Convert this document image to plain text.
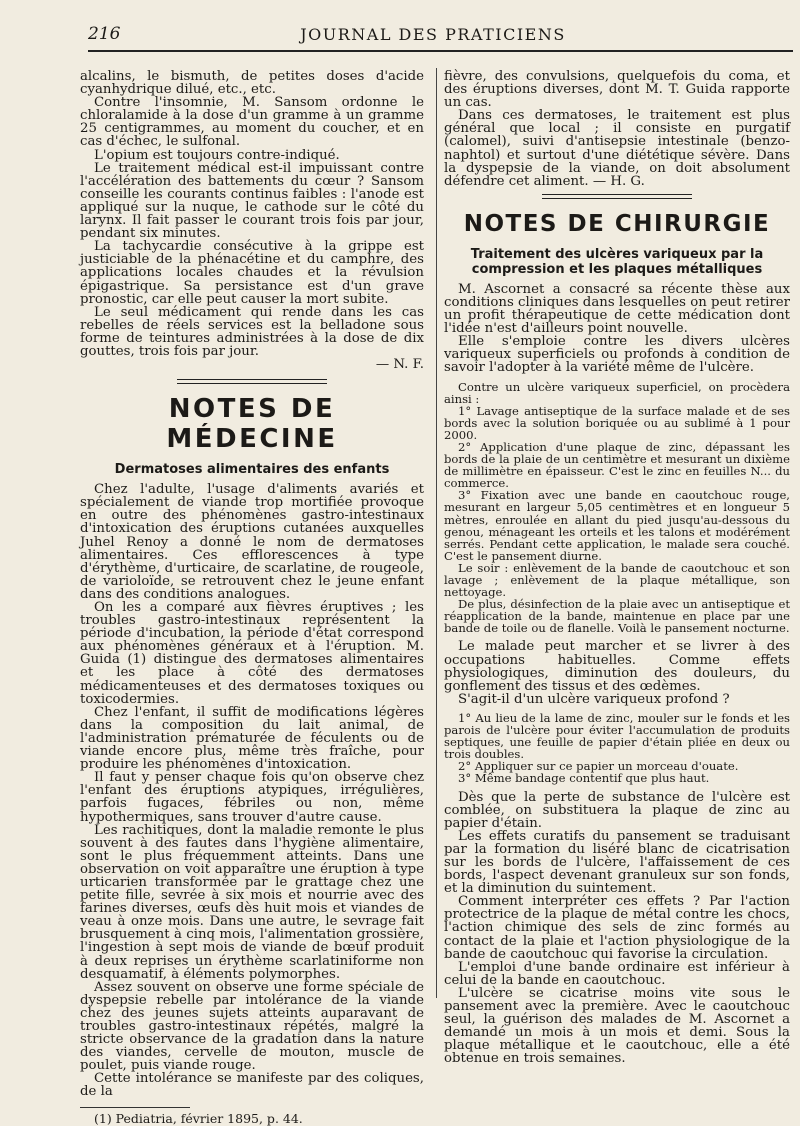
216	JOURNAL DES PRATICIENS

alcalins, le bismuth, de petites doses d'acide cyanhydrique dilué, etc., etc.

Contre l'insomnie, M. Sansom ordonne le chloralamide à la dose d'un gramme à un gramme 25 centigrammes, au moment du coucher, et en cas d'échec, le sulfonal.

L'opium est toujours contre-indiqué.

Le traitement médical est-il impuissant contre l'accélération des battements du cœur ? Sansom conseille les courants continus faibles : l'anode est appliqué sur la nuque, le cathode sur le côté du larynx. Il fait passer le courant trois fois par jour, pendant six minutes.

La tachycardie consécutive à la grippe est justiciable de la phénacétine et du camphre, des applications locales chaudes et la révulsion épigastrique. Sa persistance est d'un grave pronostic, car elle peut causer la mort subite.

Le seul médicament qui rende dans les cas rebelles de réels services est la belladone sous forme de teintures administrées à la dose de dix gouttes, trois fois par jour.

— N. F.

NOTES DE MÉDECINE
Dermatoses alimentaires des enfants

Chez l'adulte, l'usage d'aliments avariés et spécialement de viande trop mortifiée provoque en outre des phénomènes gastro-intestinaux d'intoxication des éruptions cutanées auxquelles Juhel Renoy a donné le nom de dermatoses alimentaires. Ces efflorescences à type d'érythème, d'urticaire, de scarlatine, de rougeole, de varioloïde, se retrouvent chez le jeune enfant dans des conditions analogues.

On les a comparé aux fièvres éruptives ; les troubles gastro-intestinaux représentent la période d'incubation, la période d'état correspond aux phénomènes généraux et à l'éruption. M. Guida (1) distingue des dermatoses alimentaires et les place à côté des dermatoses médicamenteuses et des dermatoses toxiques ou toxicodermies.

Chez l'enfant, il suffit de modifications légères dans la composition du lait animal, de l'administration prématurée de féculents ou de viande encore plus, même très fraîche, pour produire les phénomènes d'intoxication.

Il faut y penser chaque fois qu'on observe chez l'enfant des éruptions atypiques, irrégulières, parfois fugaces, fébriles ou non, même hypothermiques, sans trouver d'autre cause.

Les rachitiques, dont la maladie remonte le plus souvent à des fautes dans l'hygiène alimentaire, sont le plus fréquemment atteints. Dans une observation on voit apparaître une éruption à type urticarien transformée par le grattage chez une petite fille, sevrée à six mois et nourrie avec des farines diverses, œufs dès huit mois et viandes de veau à onze mois. Dans une autre, le sevrage fait brusquement à cinq mois, l'alimentation grossière, l'ingestion à sept mois de viande de bœuf produit à deux reprises un érythème scarlatiniforme non desquamatif, à éléments polymorphes.

Assez souvent on observe une forme spéciale de dyspepsie rebelle par intolérance de la viande chez des jeunes sujets atteints auparavant de troubles gastro-intestinaux répétés, malgré la stricte observance de la gradation dans la nature des viandes, cervelle de mouton, muscle de poulet, puis viande rouge.

Cette intolérance se manifeste par des coliques, de la

(1) Pediatria, février 1895, p. 44.

fièvre, des convulsions, quelquefois du coma, et des éruptions diverses, dont M. T. Guida rapporte un cas.

Dans ces dermatoses, le traitement est plus général que local ; il consiste en purgatif (calomel), suivi d'antisepsie intestinale (benzo-naphtol) et surtout d'une diététique sévère. Dans la dyspepsie de la viande, on doit absolument défendre cet aliment. — H. G.

NOTES DE CHIRURGIE
Traitement des ulcères variqueux par la compression et les plaques métalliques

M. Ascornet a consacré sa récente thèse aux conditions cliniques dans lesquelles on peut retirer un profit thérapeutique de cette médication dont l'idée n'est d'ailleurs point nouvelle.

Elle s'emploie contre les divers ulcères variqueux superficiels ou profonds à condition de savoir l'adopter à la variété même de l'ulcère.

Contre un ulcère variqueux superficiel, on procèdera ainsi :

1° Lavage antiseptique de la surface malade et de ses bords avec la solution boriquée ou au sublimé à 1 pour 2000.

2° Application d'une plaque de zinc, dépassant les bords de la plaie de un centimètre et mesurant un dixième de millimètre en épaisseur. C'est le zinc en feuilles N... du commerce.

3° Fixation avec une bande en caoutchouc rouge, mesurant en largeur 5,05 centimètres et en longueur 5 mètres, enroulée en allant du pied jusqu'au-dessous du genou, ménageant les orteils et les talons et modérément serrés. Pendant cette application, le malade sera couché. C'est le pansement diurne.

Le soir : enlèvement de la bande de caoutchouc et son lavage ; enlèvement de la plaque métallique, son nettoyage.

De plus, désinfection de la plaie avec un antiseptique et réapplication de la bande, maintenue en place par une bande de toile ou de flanelle. Voilà le pansement nocturne.

Le malade peut marcher et se livrer à des occupations habituelles. Comme effets physiologiques, diminution des douleurs, du gonflement des tissus et des œdèmes.

S'agit-il d'un ulcère variqueux profond ?

1° Au lieu de la lame de zinc, mouler sur le fonds et les parois de l'ulcère pour éviter l'accumulation de produits septiques, une feuille de papier d'étain pliée en deux ou trois doubles.

2° Appliquer sur ce papier un morceau d'ouate.

3° Même bandage contentif que plus haut.

Dès que la perte de substance de l'ulcère est comblée, on substituera la plaque de zinc au papier d'étain.

Les effets curatifs du pansement se traduisant par la formation du liséré blanc de cicatrisation sur les bords de l'ulcère, l'affaissement de ces bords, l'aspect devenant granuleux sur son fonds, et la diminution du suintement.

Comment interpréter ces effets ? Par l'action protectrice de la plaque de métal contre les chocs, l'action chimique des sels de zinc formés au contact de la plaie et l'action physiologique de la bande de caoutchouc qui favorise la circulation.

L'emploi d'une bande ordinaire est inférieur à celui de la bande en caoutchouc.

L'ulcère se cicatrise moins vite sous le pansement avec la première. Avec le caoutchouc seul, la guérison des malades de M. Ascornet a demandé un mois à un mois et demi. Sous la plaque métallique et le caoutchouc, elle a été obtenue en trois semaines.
